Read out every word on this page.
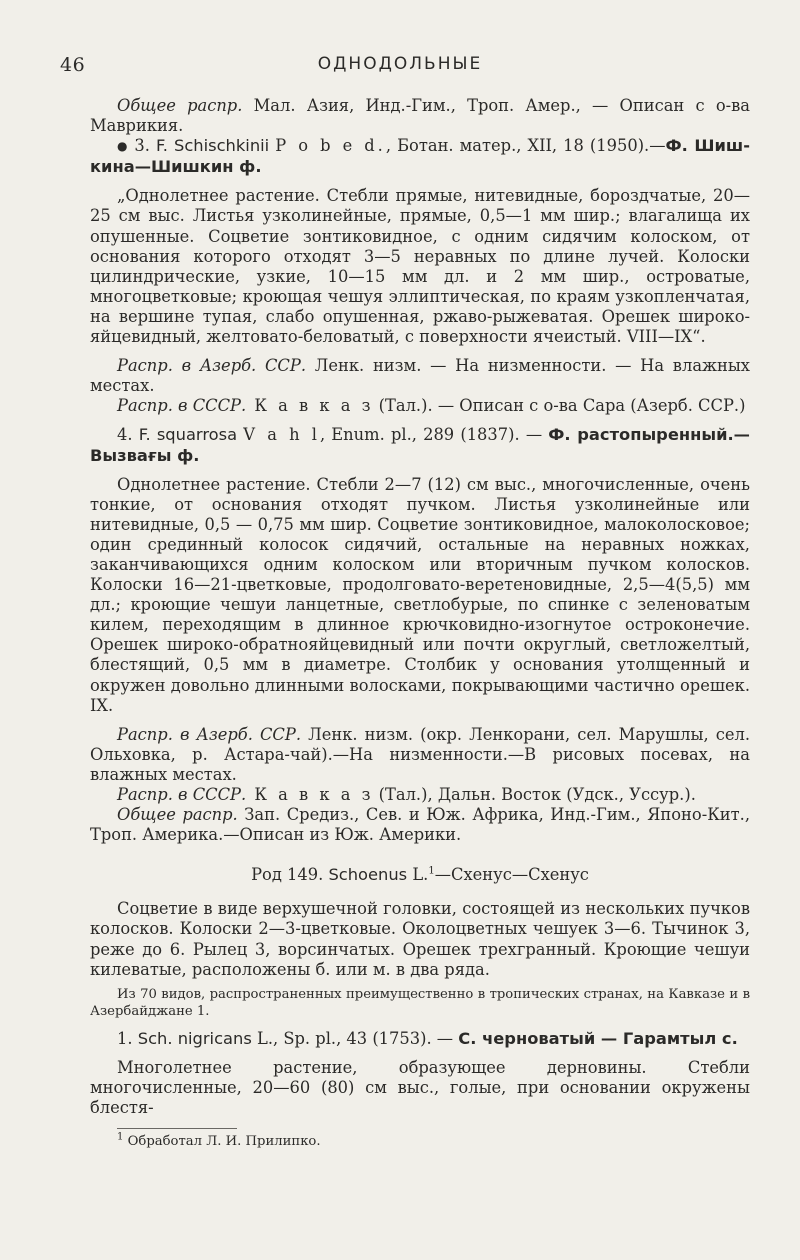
46	ОДНОДОЛЬНЫЕ

Общее распр. Мал. Азия, Инд.-Гим., Троп. Амер., — Описан с о-ва Маврикия.

● 3. F. Schischkinii P o b e d., Ботан. матер., XII, 18 (1950).—Ф. Шиш-кина—Шишкин ф.

„Однолетнее растение. Стебли прямые, нитевидные, бороздчатые, 20—25 см выс. Листья узколинейные, прямые, 0,5—1 мм шир.; влагалища их опушенные. Соцветие зонтиковидное, с одним сидячим колоском, от основания которого отходят 3—5 неравных по длине лучей. Колоски цилиндрические, узкие, 10—15 мм дл. и 2 мм шир., островатые, многоцветковые; кроющая чешуя эллиптическая, по краям узкопленчатая, на вершине тупая, слабо опушенная, ржаво-рыжеватая. Орешек широко-яйцевидный, желтовато-беловатый, с поверхности ячеистый. VIII—IX“.

Распр. в Азерб. ССР. Ленк. низм. — На низменности. — На влажных местах.

Распр. в СССР. К а в к а з (Тал.). — Описан с о-ва Сара (Азерб. ССР.)

4. F. squarrosa V a h l, Enum. pl., 289 (1837). — Ф. растопыренный.—Вызвағы ф.

Однолетнее растение. Стебли 2—7 (12) см выс., многочисленные, очень тонкие, от основания отходят пучком. Листья узколинейные или нитевидные, 0,5 — 0,75 мм шир. Соцветие зонтиковидное, малоколосковое; один срединный колосок сидячий, остальные на неравных ножках, заканчивающихся одним колоском или вторичным пучком колосков. Колоски 16—21-цветковые, продолговато-веретеновидные, 2,5—4(5,5) мм дл.; кроющие чешуи ланцетные, светлобурые, по спинке с зеленоватым килем, переходящим в длинное крючковидно-изогнутое остроконечие. Орешек широко-обратнояйцевидный или почти округлый, светложелтый, блестящий, 0,5 мм в диаметре. Столбик у основания утолщенный и окружен довольно длинными волосками, покрывающими частично орешек. IX.

Распр. в Азерб. ССР. Ленк. низм. (окр. Ленкорани, сел. Марушлы, сел. Ольховка, р. Астара-чай).—На низменности.—В рисовых посевах, на влажных местах.

Распр. в СССР. К а в к а з (Тал.), Дальн. Восток (Удск., Уссур.).

Общее распр. Зап. Средиз., Сев. и Юж. Африка, Инд.-Гим., Японо-Кит., Троп. Америка.—Описан из Юж. Америки.

Род 149. Schoenus L.$^1$—Схенус—Схенус

Соцветие в виде верхушечной головки, состоящей из нескольких пучков колосков. Колоски 2—3-цветковые. Околоцветных чешуек 3—6. Тычинок 3, реже до 6. Рылец 3, ворсинчатых. Орешек трехгранный. Кроющие чешуи килеватые, расположены б. или м. в два ряда.

Из 70 видов, распространенных преимущественно в тропических странах, на Кавказе и в Азербайджане 1.

1. Sch. nigricans L., Sp. pl., 43 (1753). — С. черноватый — Гарамтыл с.

Многолетнее растение, образующее дерновины. Стебли многочисленные, 20—60 (80) см выс., голые, при основании окружены блестя-

$^1$ Обработал Л. И. Прилипко.
